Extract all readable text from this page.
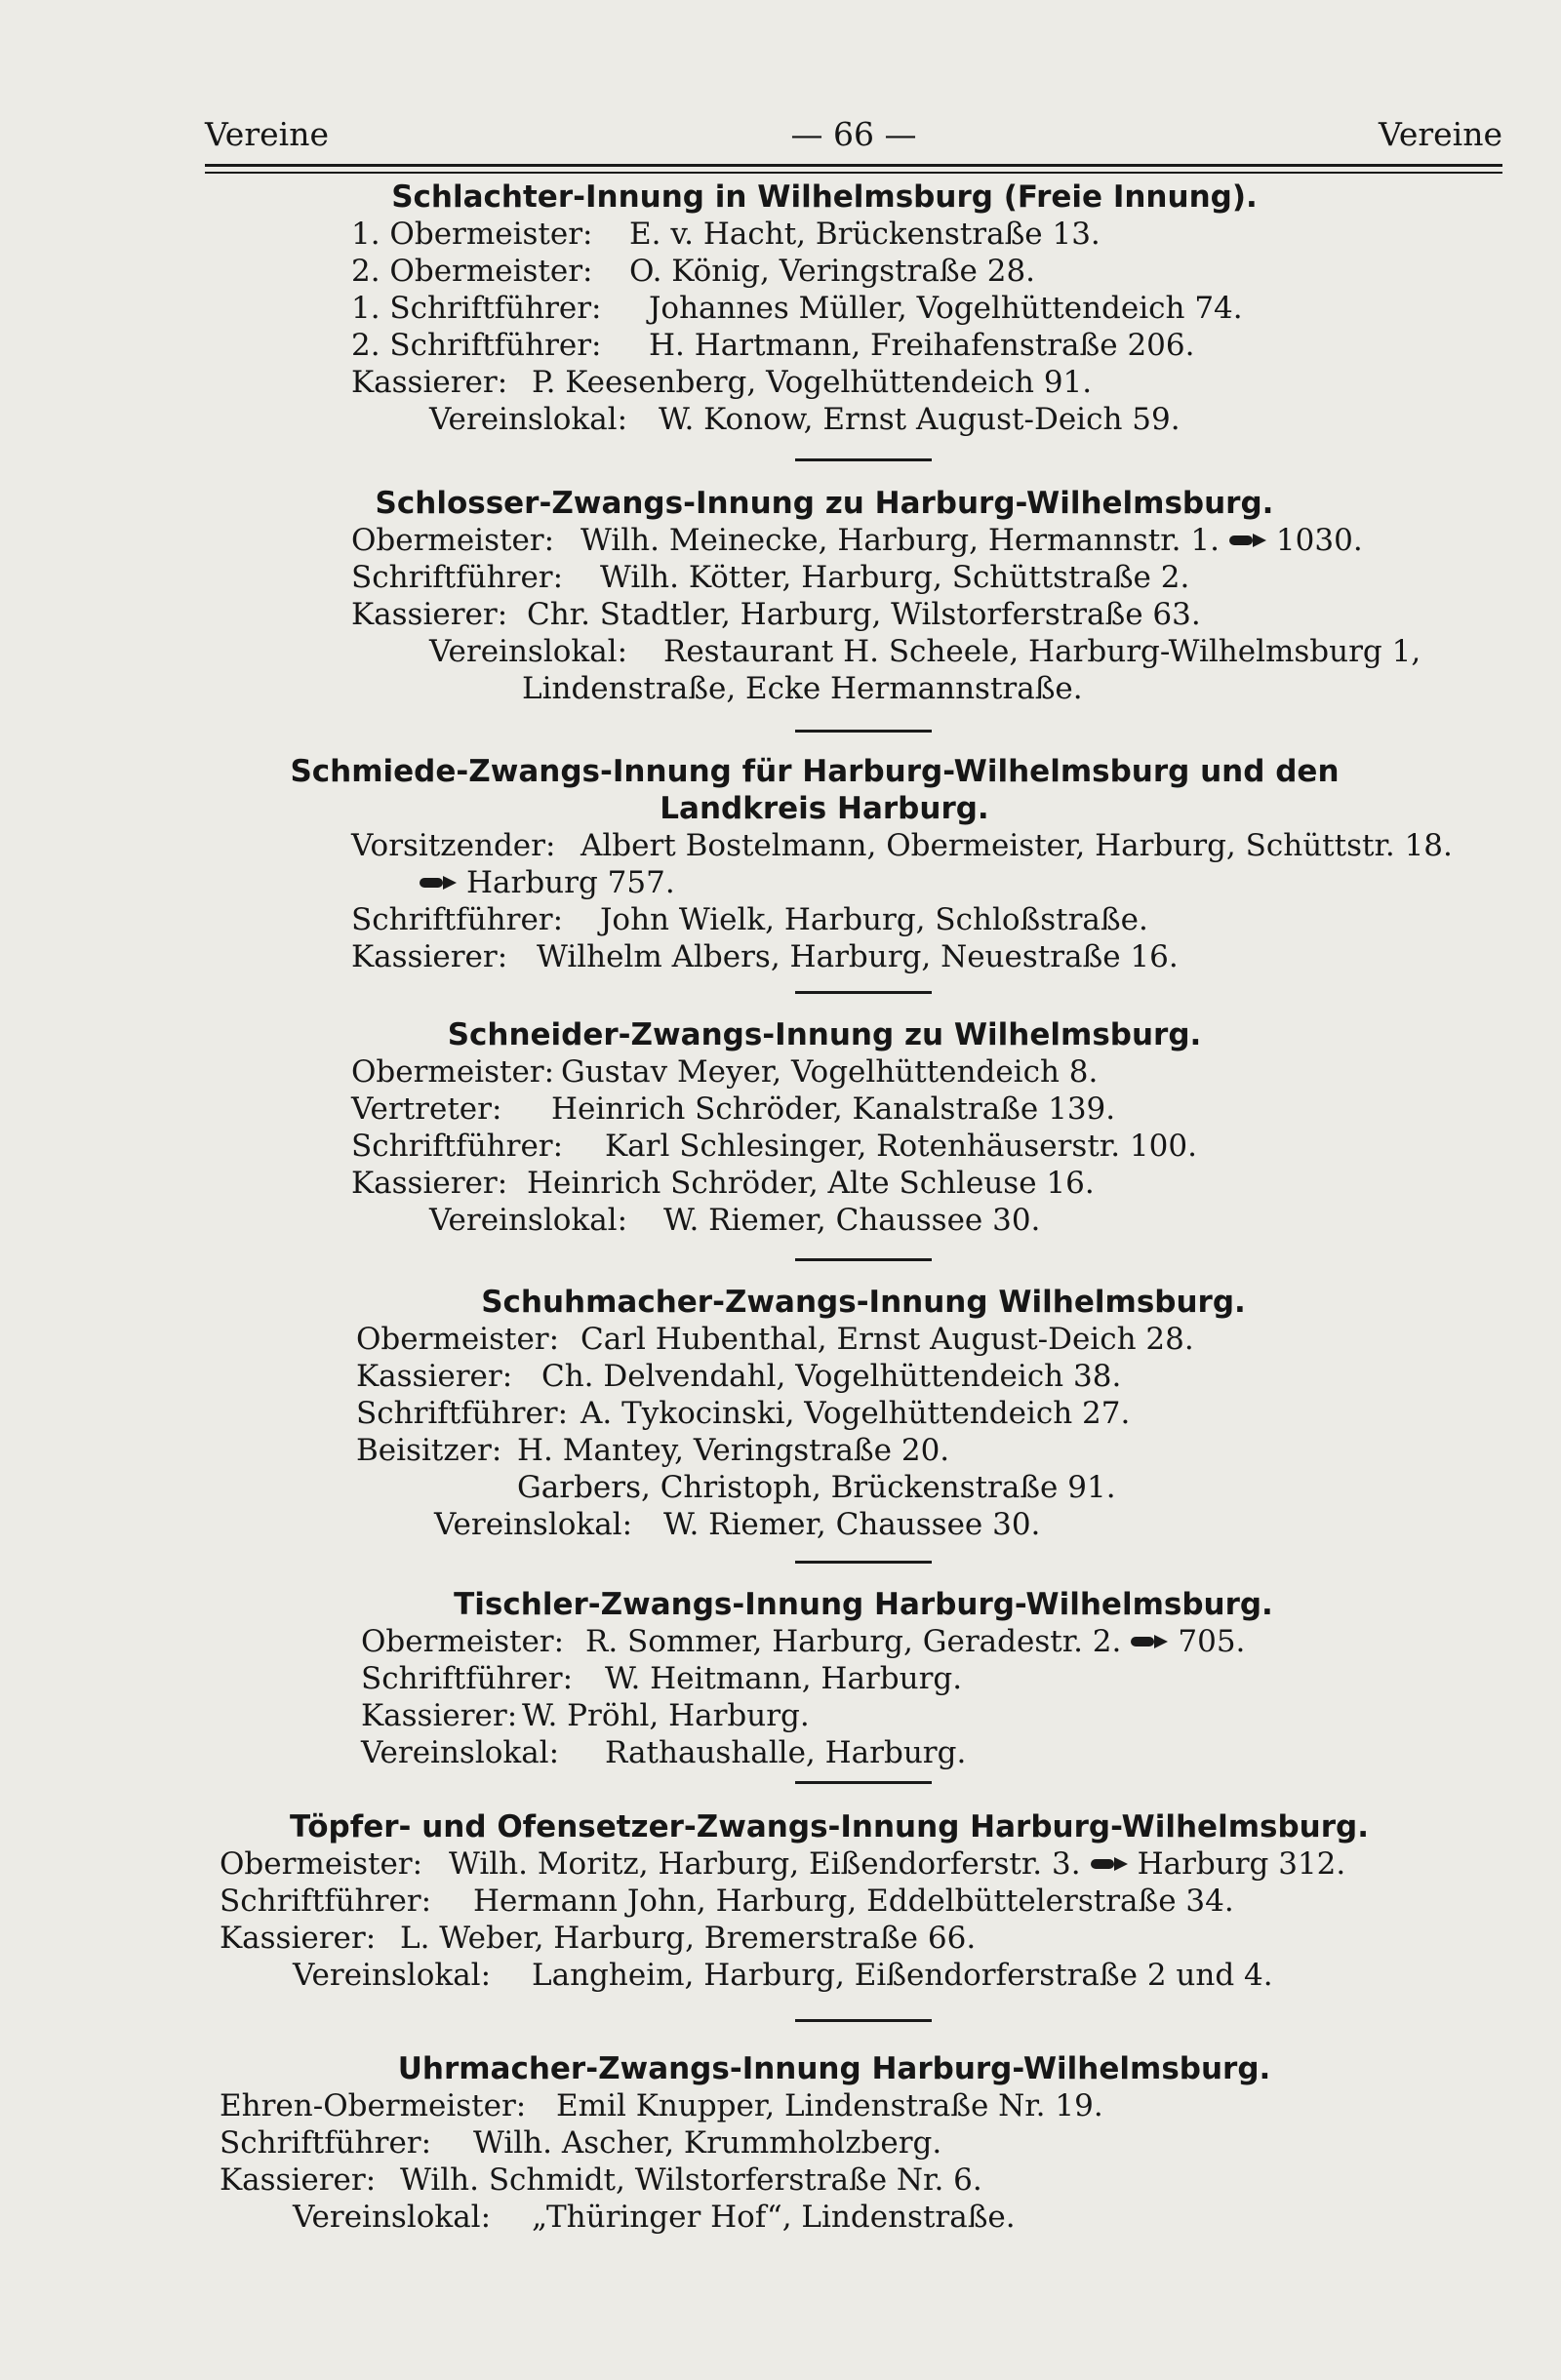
Vereine	— 66 —	Vereine
Schlachter-Innung in Wilhelmsburg (Freie Innung).
1. Obermeister: E. v. Hacht, Brückenstraße 13.
2. Obermeister: O. König, Veringstraße 28.
1. Schriftführer: Johannes Müller, Vogelhüttendeich 74.
2. Schriftführer: H. Hartmann, Freihafenstraße 206.
Kassierer: P. Keesenberg, Vogelhüttendeich 91.
Vereinslokal: W. Konow, Ernst August-Deich 59.
Schlosser-Zwangs-Innung zu Harburg-Wilhelmsburg.
Obermeister: Wilh. Meinecke, Harburg, Hermannstr. 1. 1030.
Schriftführer: Wilh. Kötter, Harburg, Schüttstraße 2.
Kassierer: Chr. Stadtler, Harburg, Wilstorferstraße 63.
Vereinslokal: Restaurant H. Scheele, Harburg-Wilhelmsburg 1,
Lindenstraße, Ecke Hermannstraße.
Schmiede-Zwangs-Innung für Harburg-Wilhelmsburg und den
Landkreis Harburg.
Vorsitzender: Albert Bostelmann, Obermeister, Harburg, Schüttstr. 18.
Harburg 757.
Schriftführer: John Wielk, Harburg, Schloßstraße.
Kassierer: Wilhelm Albers, Harburg, Neuestraße 16.
Schneider-Zwangs-Innung zu Wilhelmsburg.
Obermeister: Gustav Meyer, Vogelhüttendeich 8.
Vertreter: Heinrich Schröder, Kanalstraße 139.
Schriftführer: Karl Schlesinger, Rotenhäuserstr. 100.
Kassierer: Heinrich Schröder, Alte Schleuse 16.
Vereinslokal: W. Riemer, Chaussee 30.
Schuhmacher-Zwangs-Innung Wilhelmsburg.
Obermeister: Carl Hubenthal, Ernst August-Deich 28.
Kassierer: Ch. Delvendahl, Vogelhüttendeich 38.
Schriftführer: A. Tykocinski, Vogelhüttendeich 27.
Beisitzer: H. Mantey, Veringstraße 20.
Garbers, Christoph, Brückenstraße 91.
Vereinslokal: W. Riemer, Chaussee 30.
Tischler-Zwangs-Innung Harburg-Wilhelmsburg.
Obermeister: R. Sommer, Harburg, Geradestr. 2. 705.
Schriftführer: W. Heitmann, Harburg.
Kassierer: W. Pröhl, Harburg.
Vereinslokal: Rathaushalle, Harburg.
Töpfer- und Ofensetzer-Zwangs-Innung Harburg-Wilhelmsburg.
Obermeister: Wilh. Moritz, Harburg, Eißendorferstr. 3. Harburg 312.
Schriftführer: Hermann John, Harburg, Eddelbüttelerstraße 34.
Kassierer: L. Weber, Harburg, Bremerstraße 66.
Vereinslokal: Langheim, Harburg, Eißendorferstraße 2 und 4.
Uhrmacher-Zwangs-Innung Harburg-Wilhelmsburg.
Ehren-Obermeister: Emil Knupper, Lindenstraße Nr. 19.
Schriftführer: Wilh. Ascher, Krummholzberg.
Kassierer: Wilh. Schmidt, Wilstorferstraße Nr. 6.
Vereinslokal: „Thüringer Hof“, Lindenstraße.
